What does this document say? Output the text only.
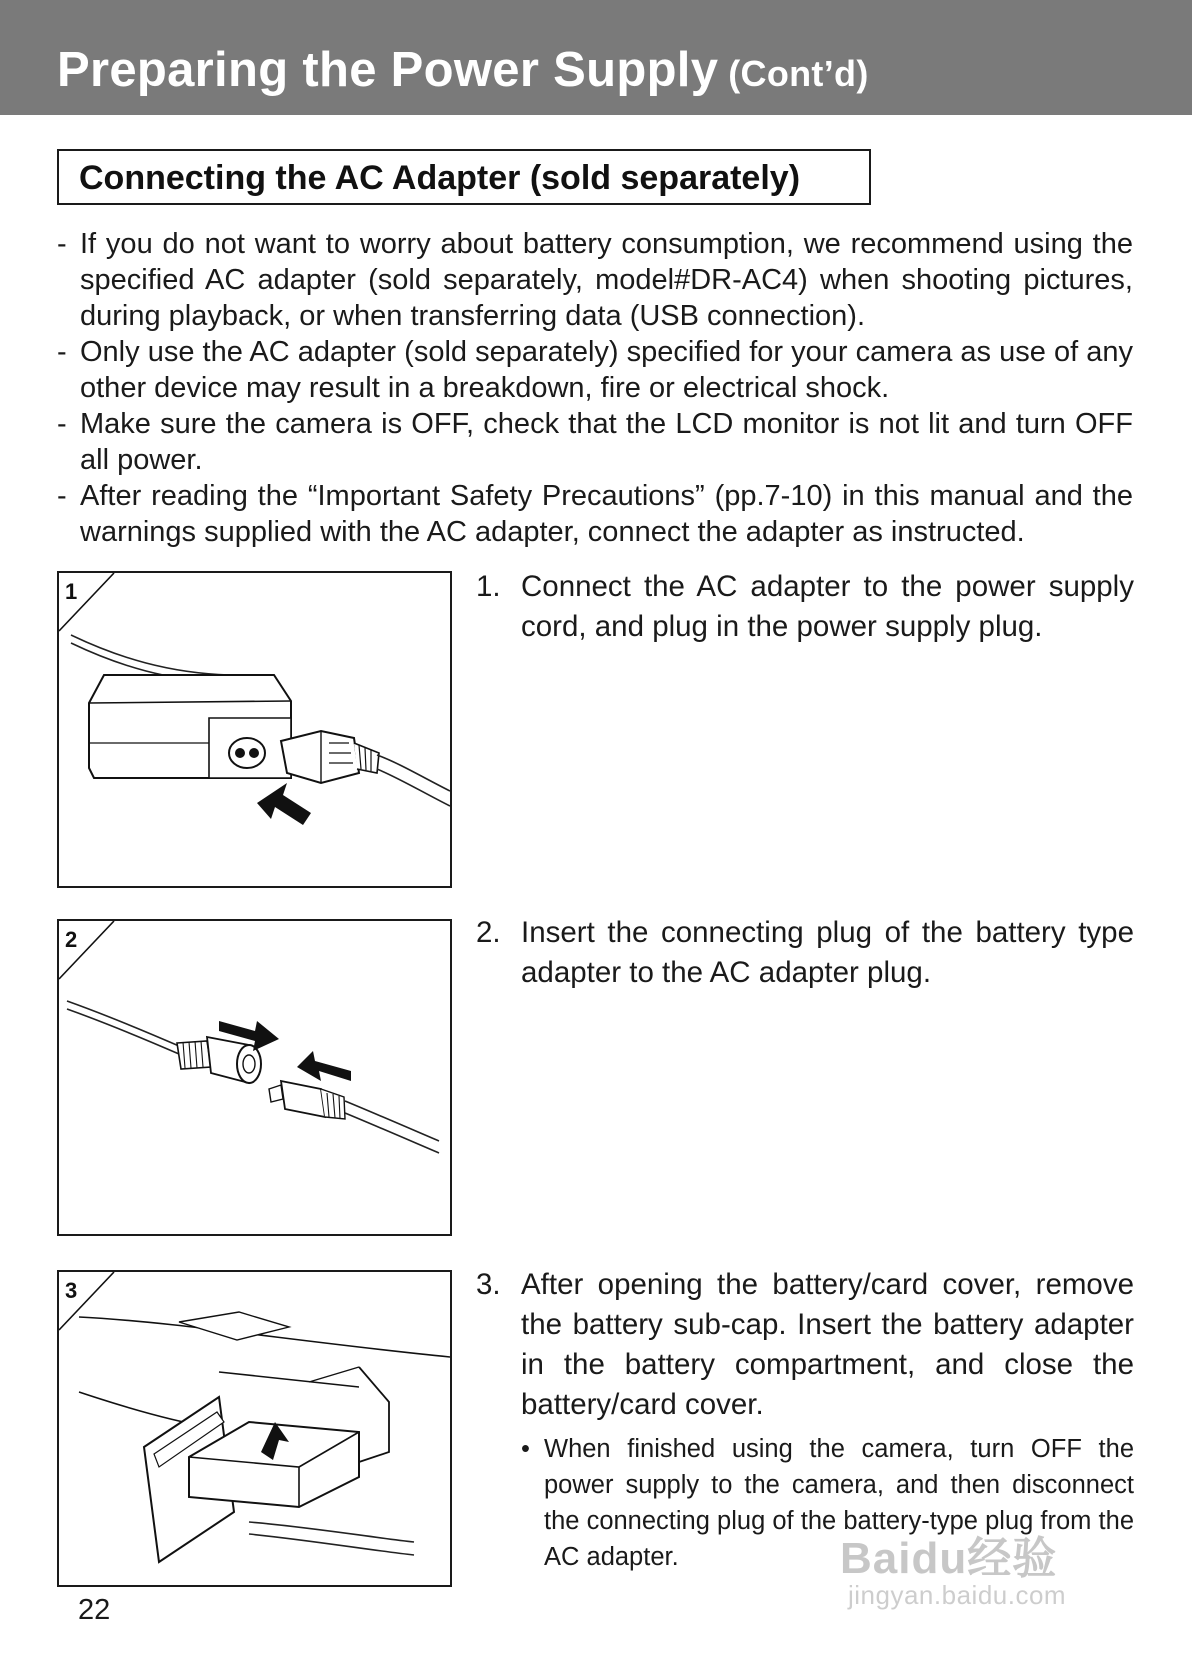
Preparing the Power Supply (Cont’d)
Connecting the AC Adapter (sold separately)
- If you do not want to worry about battery consumption, we recommend using the specified AC adapter (sold separately, model#DR-AC4) when shooting pictures, during playback, or when transferring data (USB connection).
- Only use the AC adapter (sold separately) specified for your camera as use of any other device may result in a breakdown, fire or electrical shock.
- Make sure the camera is OFF, check that the LCD monitor is not lit and turn OFF all power.
- After reading the “Important Safety Precautions” (pp.7-10) in this manual and the warnings supplied with the AC adapter, connect the adapter as instructed.
1
2
3
1. Connect the AC adapter to the power supply cord, and plug in the power supply plug.
2. Insert the connecting plug of the battery type adapter to the AC adapter plug.
3. After opening the battery/card cover, remove the battery sub-cap. Insert the battery adapter in the battery compartment, and close the battery/card cover.
• When finished using the camera, turn OFF the power supply to the camera, and then disconnect the connecting plug of the battery-type plug from the AC adapter.
22
Baidu经验
jingyan.baidu.com
